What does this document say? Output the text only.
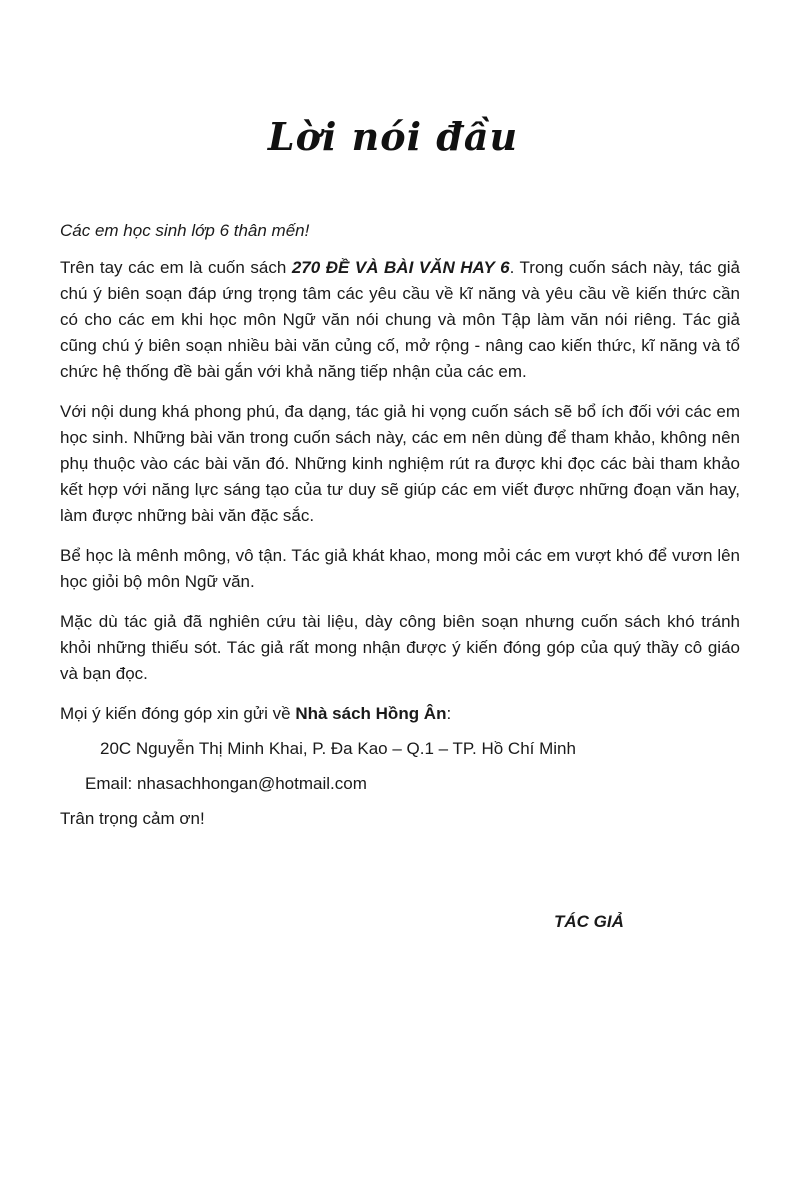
Lời nói đầu

Các em học sinh lớp 6 thân mến!

Trên tay các em là cuốn sách 270 ĐỀ VÀ BÀI VĂN HAY 6. Trong cuốn sách này, tác giả chú ý biên soạn đáp ứng trọng tâm các yêu cầu về kĩ năng và yêu cầu về kiến thức cần có cho các em khi học môn Ngữ văn nói chung và môn Tập làm văn nói riêng. Tác giả cũng chú ý biên soạn nhiều bài văn củng cố, mở rộng - nâng cao kiến thức, kĩ năng và tổ chức hệ thống đề bài gắn với khả năng tiếp nhận của các em.

Với nội dung khá phong phú, đa dạng, tác giả hi vọng cuốn sách sẽ bổ ích đối với các em học sinh. Những bài văn trong cuốn sách này, các em nên dùng để tham khảo, không nên phụ thuộc vào các bài văn đó. Những kinh nghiệm rút ra được khi đọc các bài tham khảo kết hợp với năng lực sáng tạo của tư duy sẽ giúp các em viết được những đoạn văn hay, làm được những bài văn đặc sắc.

Bể học là mênh mông, vô tận. Tác giả khát khao, mong mỏi các em vượt khó để vươn lên học giỏi bộ môn Ngữ văn.

Mặc dù tác giả đã nghiên cứu tài liệu, dày công biên soạn nhưng cuốn sách khó tránh khỏi những thiếu sót. Tác giả rất mong nhận được ý kiến đóng góp của quý thầy cô giáo và bạn đọc.

Mọi ý kiến đóng góp xin gửi về Nhà sách Hồng Ân:

20C Nguyễn Thị Minh Khai, P. Đa Kao – Q.1 – TP. Hồ Chí Minh

Email: nhasachhongan@hotmail.com

Trân trọng cảm ơn!

TÁC GIẢ
